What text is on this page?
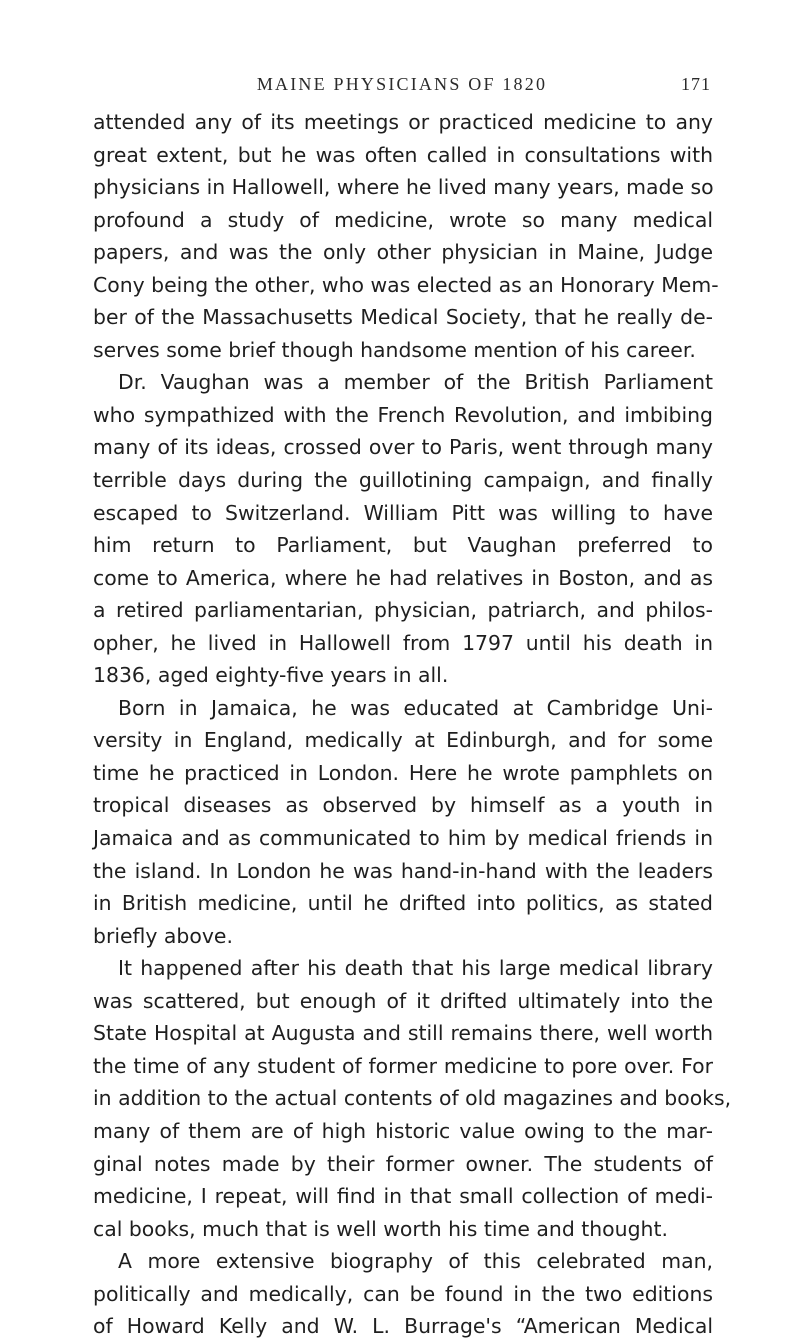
MAINE PHYSICIANS OF 1820	171
attended any of its meetings or practiced medicine to any
great extent, but he was often called in consultations with
physicians in Hallowell, where he lived many years, made so
profound a study of medicine, wrote so many medical
papers, and was the only other physician in Maine, Judge
Cony being the other, who was elected as an Honorary Mem-
ber of the Massachusetts Medical Society, that he really de-
serves some brief though handsome mention of his career.
Dr. Vaughan was a member of the British Parliament
who sympathized with the French Revolution, and imbibing
many of its ideas, crossed over to Paris, went through many
terrible days during the guillotining campaign, and finally
escaped to Switzerland. William Pitt was willing to have
him return to Parliament, but Vaughan preferred to
come to America, where he had relatives in Boston, and as
a retired parliamentarian, physician, patriarch, and philos-
opher, he lived in Hallowell from 1797 until his death in
1836, aged eighty-five years in all.
Born in Jamaica, he was educated at Cambridge Uni-
versity in England, medically at Edinburgh, and for some
time he practiced in London. Here he wrote pamphlets on
tropical diseases as observed by himself as a youth in
Jamaica and as communicated to him by medical friends in
the island. In London he was hand-in-hand with the leaders
in British medicine, until he drifted into politics, as stated
briefly above.
It happened after his death that his large medical library
was scattered, but enough of it drifted ultimately into the
State Hospital at Augusta and still remains there, well worth
the time of any student of former medicine to pore over. For
in addition to the actual contents of old magazines and books,
many of them are of high historic value owing to the mar-
ginal notes made by their former owner. The students of
medicine, I repeat, will find in that small collection of medi-
cal books, much that is well worth his time and thought.
A more extensive biography of this celebrated man,
politically and medically, can be found in the two editions
of Howard Kelly and W. L. Burrage's “American Medical
